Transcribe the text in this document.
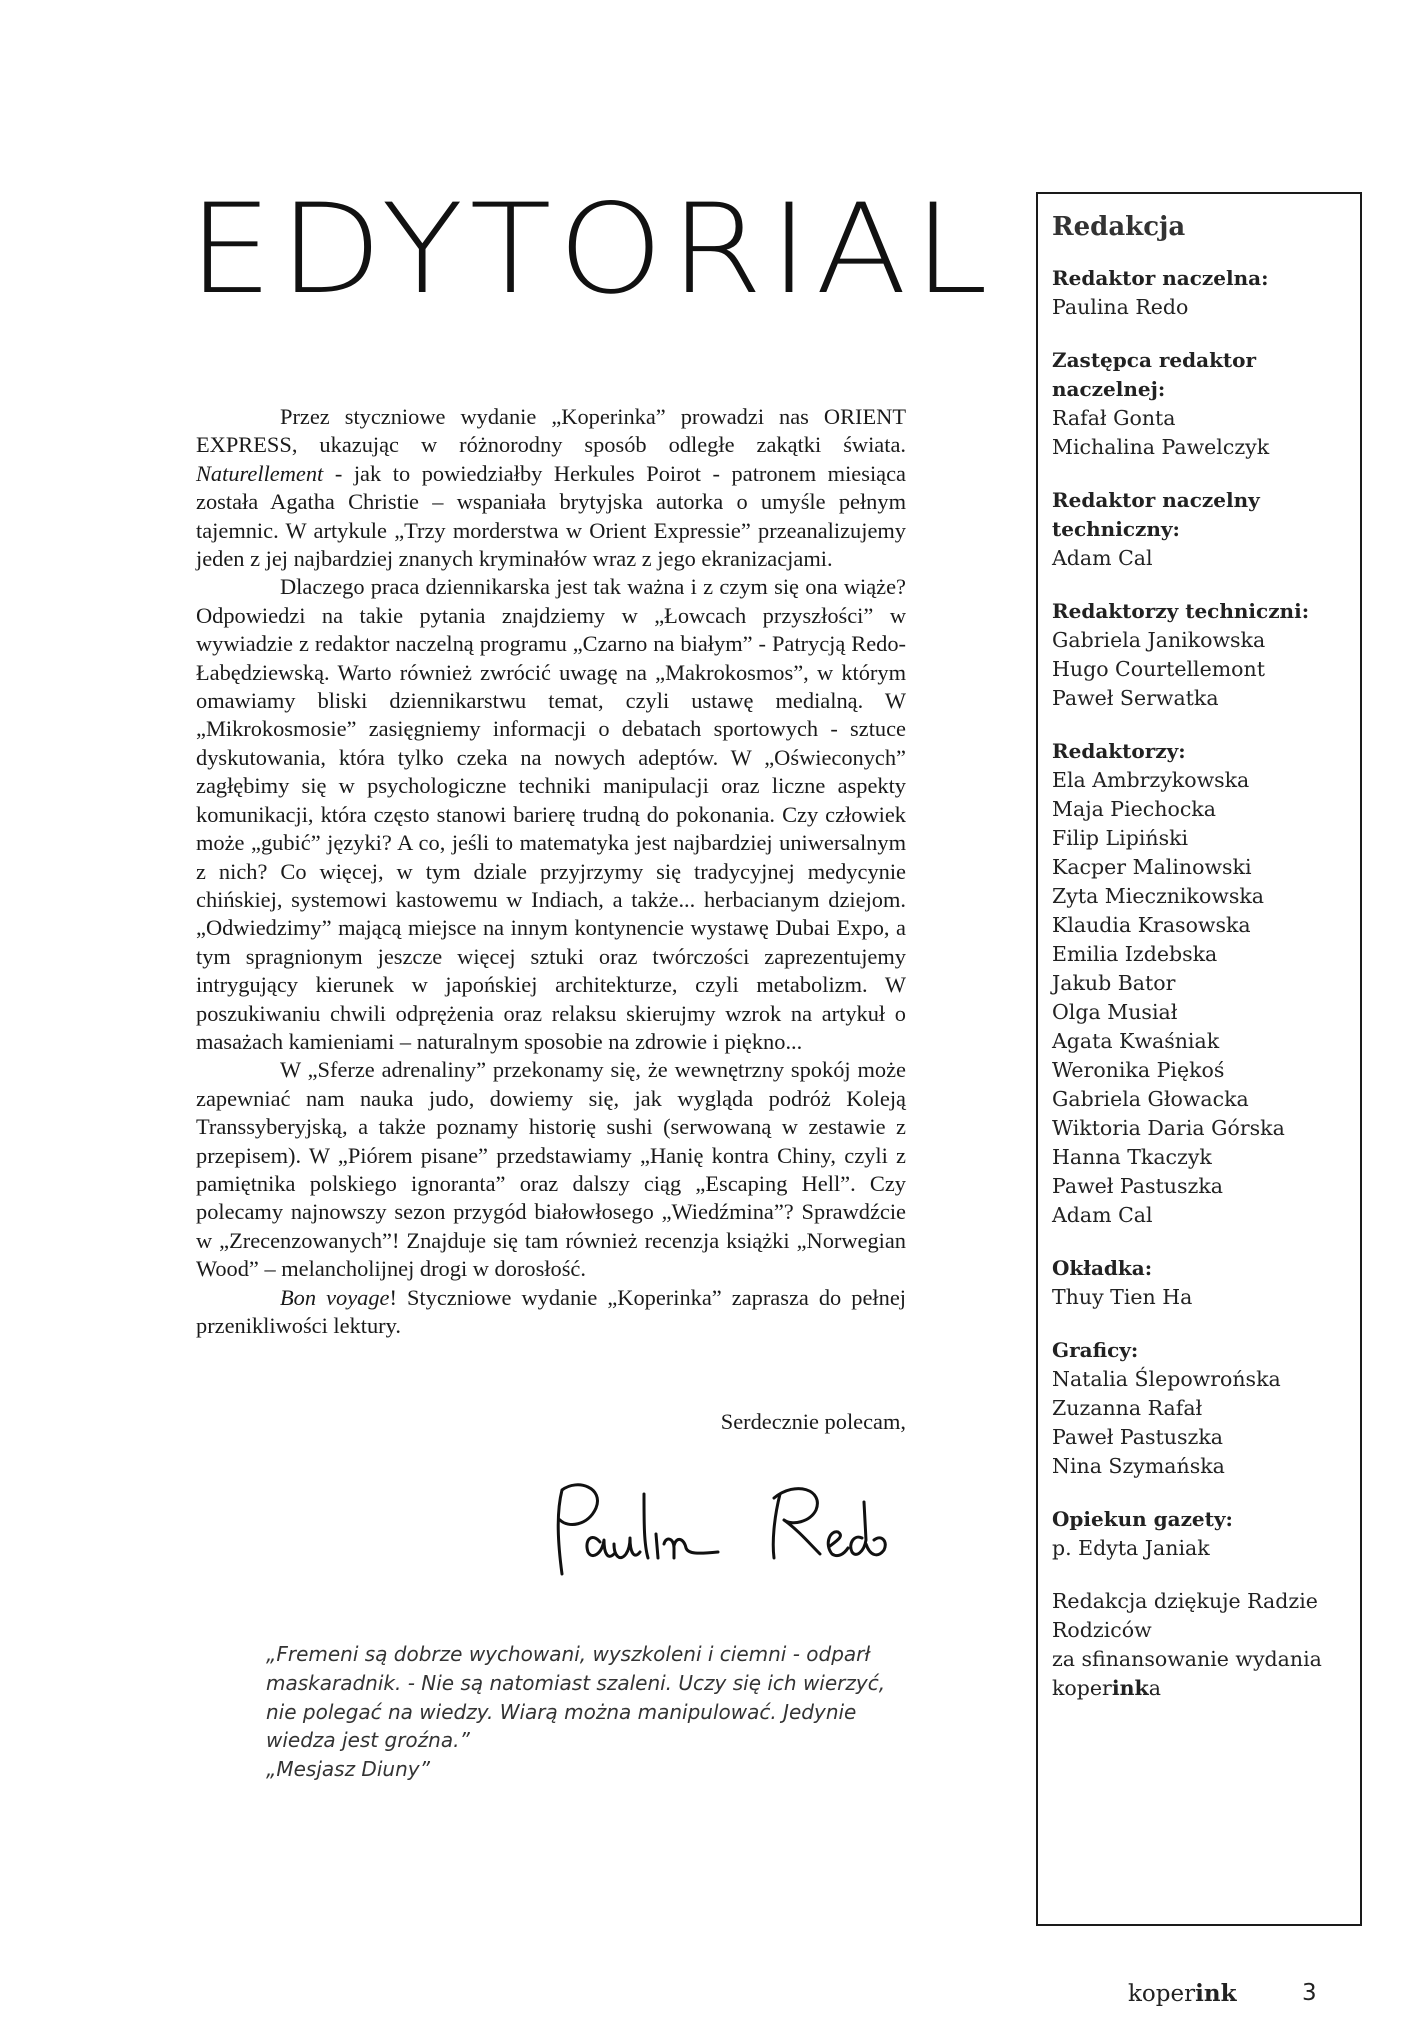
EDYTORIAL

Przez styczniowe wydanie „Koperinka” prowadzi nas ORIENT EXPRESS, ukazując w różnorodny sposób odległe zakątki świata. Naturellement - jak to powiedziałby Herkules Poirot - patronem miesiąca została Agatha Christie – wspaniała brytyjska autorka o umyśle pełnym tajemnic. W artykule „Trzy morderstwa w Orient Expressie” przeanalizujemy jeden z jej najbardziej znanych kryminałów wraz z jego ekranizacjami.

Dlaczego praca dziennikarska jest tak ważna i z czym się ona wiąże? Odpowiedzi na takie pytania znajdziemy w „Łowcach przyszłości” w wywiadzie z redaktor naczelną programu „Czarno na białym” - Patrycją Redo-Łabędziewską. Warto również zwrócić uwagę na „Makrokosmos”, w którym omawiamy bliski dziennikarstwu temat, czyli ustawę medialną. W „Mikrokosmosie” zasięgniemy informacji o debatach sportowych - sztuce dyskutowania, która tylko czeka na nowych adeptów. W „Oświeconych” zagłębimy się w psychologiczne techniki manipulacji oraz liczne aspekty komunikacji, która często stanowi barierę trudną do pokonania. Czy człowiek może „gubić” języki? A co, jeśli to matematyka jest najbardziej uniwersalnym z nich? Co więcej, w tym dziale przyjrzymy się tradycyjnej medycynie chińskiej, systemowi kastowemu w Indiach, a także... herbacianym dziejom. „Odwiedzimy” mającą miejsce na innym kontynencie wystawę Dubai Expo, a tym spragnionym jeszcze więcej sztuki oraz twórczości zaprezentujemy intrygujący kierunek w japońskiej architekturze, czyli metabolizm. W poszukiwaniu chwili odprężenia oraz relaksu skierujmy wzrok na artykuł o masażach kamieniami – naturalnym sposobie na zdrowie i piękno...

W „Sferze adrenaliny” przekonamy się, że wewnętrzny spokój może zapewniać nam nauka judo, dowiemy się, jak wygląda podróż Koleją Transsyberyjską, a także poznamy historię sushi (serwowaną w zestawie z przepisem). W „Piórem pisane” przedstawiamy „Hanię kontra Chiny, czyli z pamiętnika polskiego ignoranta” oraz dalszy ciąg „Escaping Hell”. Czy polecamy najnowszy sezon przygód białowłosego „Wiedźmina”? Sprawdźcie w „Zrecenzowanych”! Znajduje się tam również recenzja książki „Norwegian Wood” – melancholijnej drogi w dorosłość.

Bon voyage! Styczniowe wydanie „Koperinka” zaprasza do pełnej przenikliwości lektury.

Serdecznie polecam,
Paulina Redo
„Fremeni są dobrze wychowani, wyszkoleni i ciemni - odparł maskaradnik. - Nie są natomiast szaleni. Uczy się ich wierzyć, nie polegać na wiedzy. Wiarą można manipulować. Jedynie wiedza jest groźna.”
„Mesjasz Diuny”
Redakcja
Redaktor naczelna:
Paulina Redo
Zastępca redaktor naczelnej:
Rafał Gonta
Michalina Pawelczyk
Redaktor naczelny techniczny:
Adam Cal
Redaktorzy techniczni:
Gabriela Janikowska
Hugo Courtellemont
Paweł Serwatka
Redaktorzy:
Ela Ambrzykowska
Maja Piechocka
Filip Lipiński
Kacper Malinowski
Zyta Miecznikowska
Klaudia Krasowska
Emilia Izdebska
Jakub Bator
Olga Musiał
Agata Kwaśniak
Weronika Piękoś
Gabriela Głowacka
Wiktoria Daria Górska
Hanna Tkaczyk
Paweł Pastuszka
Adam Cal
Okładka:
Thuy Tien Ha
Graficy:
Natalia Ślepowrońska
Zuzanna Rafał
Paweł Pastuszka
Nina Szymańska
Opiekun gazety:
p. Edyta Janiak
Redakcja dziękuje Radzie Rodziców
za sfinansowanie wydania
koperinka
koperink	3
